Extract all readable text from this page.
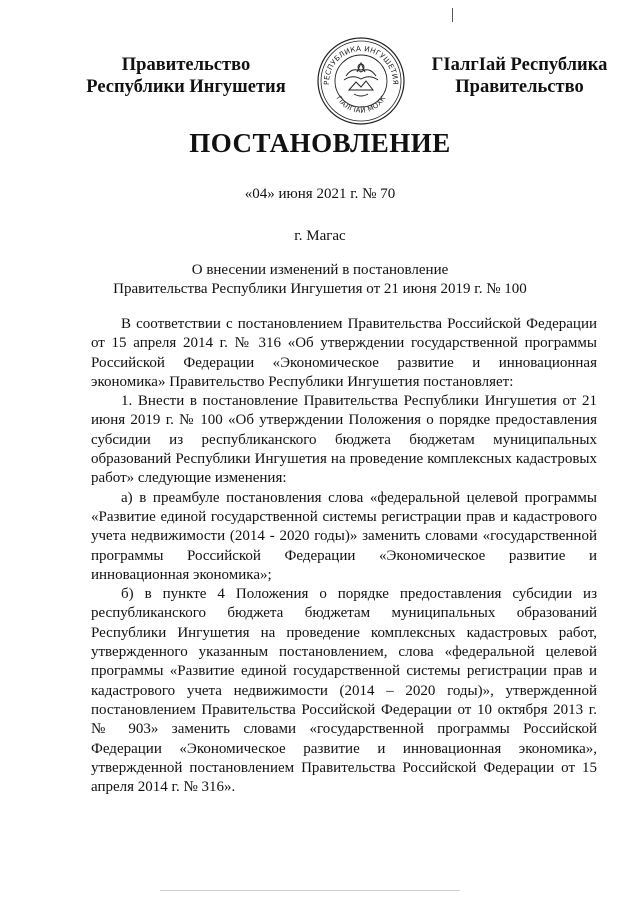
Правительство
Республики Ингушетия	РЕСПУБЛИКА ИНГУШЕТИЯ
ГIАЛГIАЙ МОХК
ГIалгIай Республика
Правительство
ПОСТАНОВЛЕНИЕ
«04» июня 2021 г. № 70
г. Магас
О внесении изменений в постановление
Правительства Республики Ингушетия от 21 июня 2019 г. № 100

В соответствии с постановлением Правительства Российской Федерации от 15 апреля 2014 г. № 316 «Об утверждении государственной программы Российской Федерации «Экономическое развитие и инновационная экономика» Правительство Республики Ингушетия постановляет:

1. Внести в постановление Правительства Республики Ингушетия от 21 июня 2019 г. № 100 «Об утверждении Положения о порядке предоставления субсидии из республиканского бюджета бюджетам муниципальных образований Республики Ингушетия на проведение комплексных кадастровых работ» следующие изменения:

а) в преамбуле постановления слова «федеральной целевой программы «Развитие единой государственной системы регистрации прав и кадастрового учета недвижимости (2014 - 2020 годы)» заменить словами «государственной программы Российской Федерации «Экономическое развитие и инновационная экономика»;

б) в пункте 4 Положения о порядке предоставления субсидии из республиканского бюджета бюджетам муниципальных образований Республики Ингушетия на проведение комплексных кадастровых работ, утвержденного указанным постановлением, слова «федеральной целевой программы «Развитие единой государственной системы регистрации прав и кадастрового учета недвижимости (2014 – 2020 годы)», утвержденной постановлением Правительства Российской Федерации от 10 октября 2013 г. № 903» заменить словами «государственной программы Российской Федерации «Экономическое развитие и инновационная экономика», утвержденной постановлением Правительства Российской Федерации от 15 апреля 2014 г. № 316».
